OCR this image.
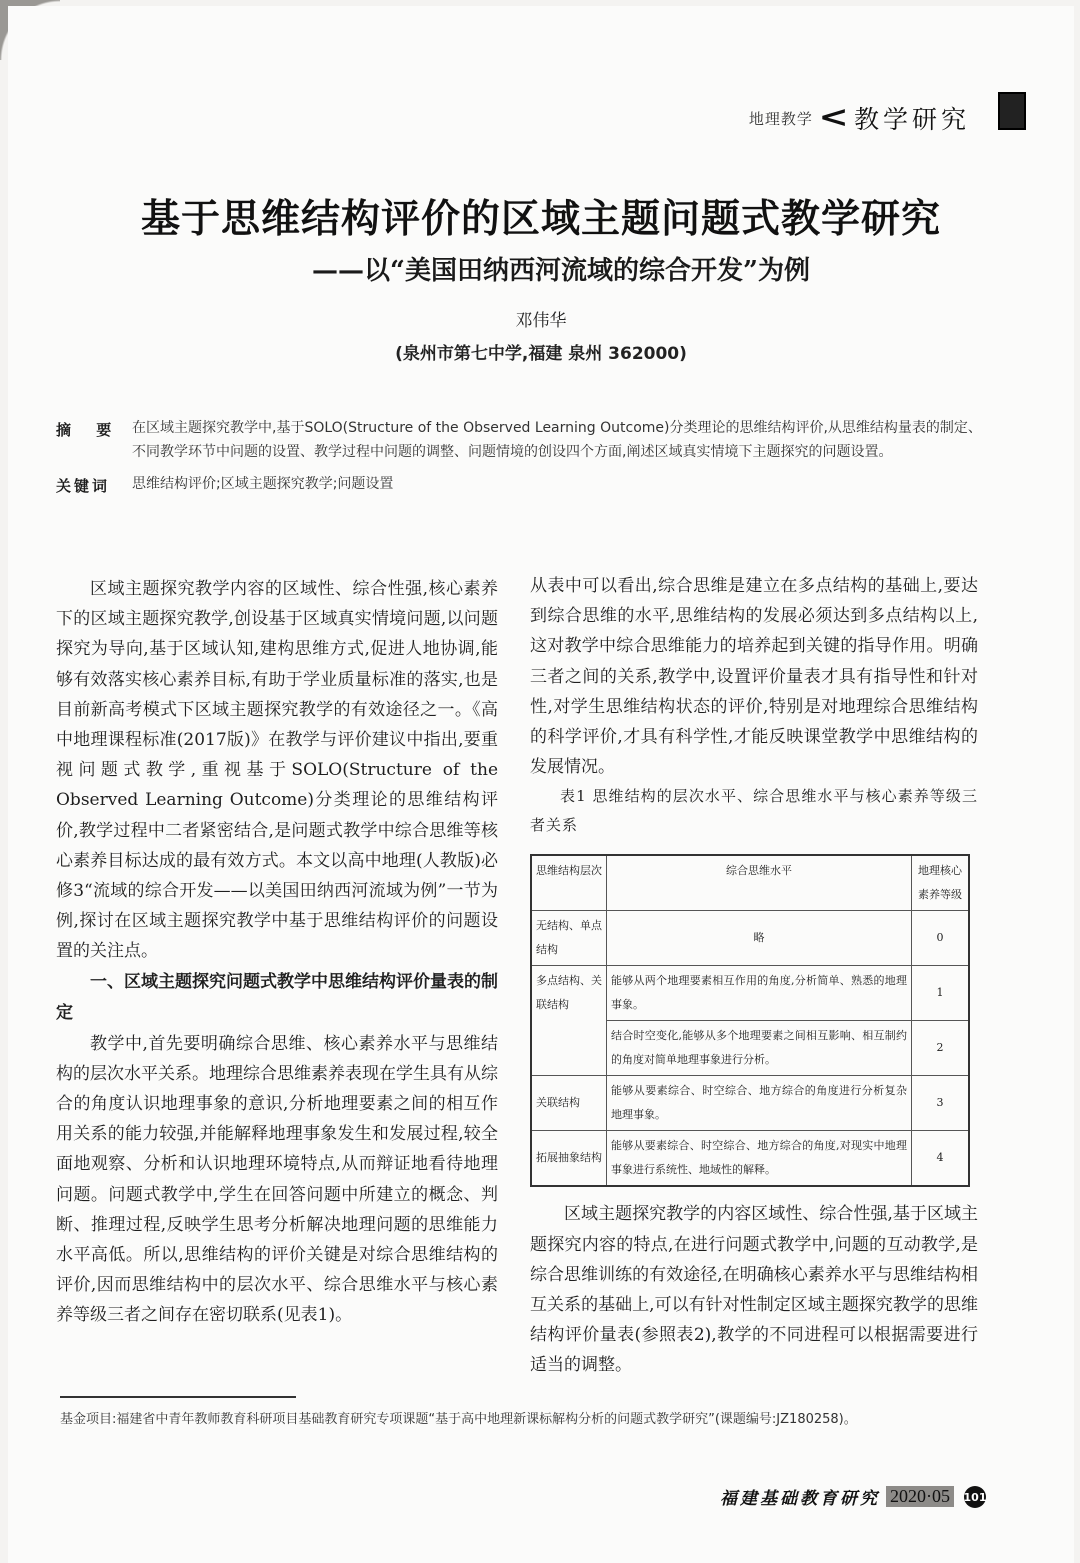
地理教学 < 教学研究
基于思维结构评价的区域主题问题式教学研究
——以“美国田纳西河流域的综合开发”为例
邓伟华
(泉州市第七中学,福建 泉州 362000)
摘 要 在区域主题探究教学中,基于SOLO(Structure of the Observed Learning Outcome)分类理论的思维结构评价,从思维结构量表的制定、不同教学环节中问题的设置、教学过程中问题的调整、问题情境的创设四个方面,阐述区域真实情境下主题探究的问题设置。
关键词	思维结构评价;区域主题探究教学;问题设置

区域主题探究教学内容的区域性、综合性强,核心素养下的区域主题探究教学,创设基于区域真实情境问题,以问题探究为导向,基于区域认知,建构思维方式,促进人地协调,能够有效落实核心素养目标,有助于学业质量标准的落实,也是目前新高考模式下区域主题探究教学的有效途径之一。《高中地理课程标准(2017版)》在教学与评价建议中指出,要重视问题式教学,重视基于SOLO(Structure of the Observed Learning Outcome)分类理论的思维结构评价,教学过程中二者紧密结合,是问题式教学中综合思维等核心素养目标达成的最有效方式。本文以高中地理(人教版)必修3“流域的综合开发——以美国田纳西河流域为例”一节为例,探讨在区域主题探究教学中基于思维结构评价的问题设置的关注点。

一、区域主题探究问题式教学中思维结构评价量表的制定

教学中,首先要明确综合思维、核心素养水平与思维结构的层次水平关系。地理综合思维素养表现在学生具有从综合的角度认识地理事象的意识,分析地理要素之间的相互作用关系的能力较强,并能解释地理事象发生和发展过程,较全面地观察、分析和认识地理环境特点,从而辩证地看待地理问题。问题式教学中,学生在回答问题中所建立的概念、判断、推理过程,反映学生思考分析解决地理问题的思维能力水平高低。所以,思维结构的评价关键是对综合思维结构的评价,因而思维结构中的层次水平、综合思维水平与核心素养等级三者之间存在密切联系(见表1)。

从表中可以看出,综合思维是建立在多点结构的基础上,要达到综合思维的水平,思维结构的发展必须达到多点结构以上,这对教学中综合思维能力的培养起到关键的指导作用。明确三者之间的关系,教学中,设置评价量表才具有指导性和针对性,对学生思维结构状态的评价,特别是对地理综合思维结构的科学评价,才具有科学性,才能反映课堂教学中思维结构的发展情况。

表1 思维结构的层次水平、综合思维水平与核心素养等级三者关系

思维结构层次	综合思维水平	地理核心素养等级
无结构、单点结构	略	0
多点结构、关联结构	能够从两个地理要素相互作用的角度,分析简单、熟悉的地理事象。	1
	结合时空变化,能够从多个地理要素之间相互影响、相互制约的角度对简单地理事象进行分析。	2
关联结构	能够从要素综合、时空综合、地方综合的角度进行分析复杂地理事象。	3
拓展抽象结构	能够从要素综合、时空综合、地方综合的角度,对现实中地理事象进行系统性、地域性的解释。	4

区域主题探究教学的内容区域性、综合性强,基于区域主题探究内容的特点,在进行问题式教学中,问题的互动教学,是综合思维训练的有效途径,在明确核心素养水平与思维结构相互关系的基础上,可以有针对性制定区域主题探究教学的思维结构评价量表(参照表2),教学的不同进程可以根据需要进行适当的调整。

基金项目:福建省中青年教师教育科研项目基础教育研究专项课题“基于高中地理新课标解构分析的问题式教学研究”(课题编号:JZ180258)。
福建基础教育研究 2020·05	101
